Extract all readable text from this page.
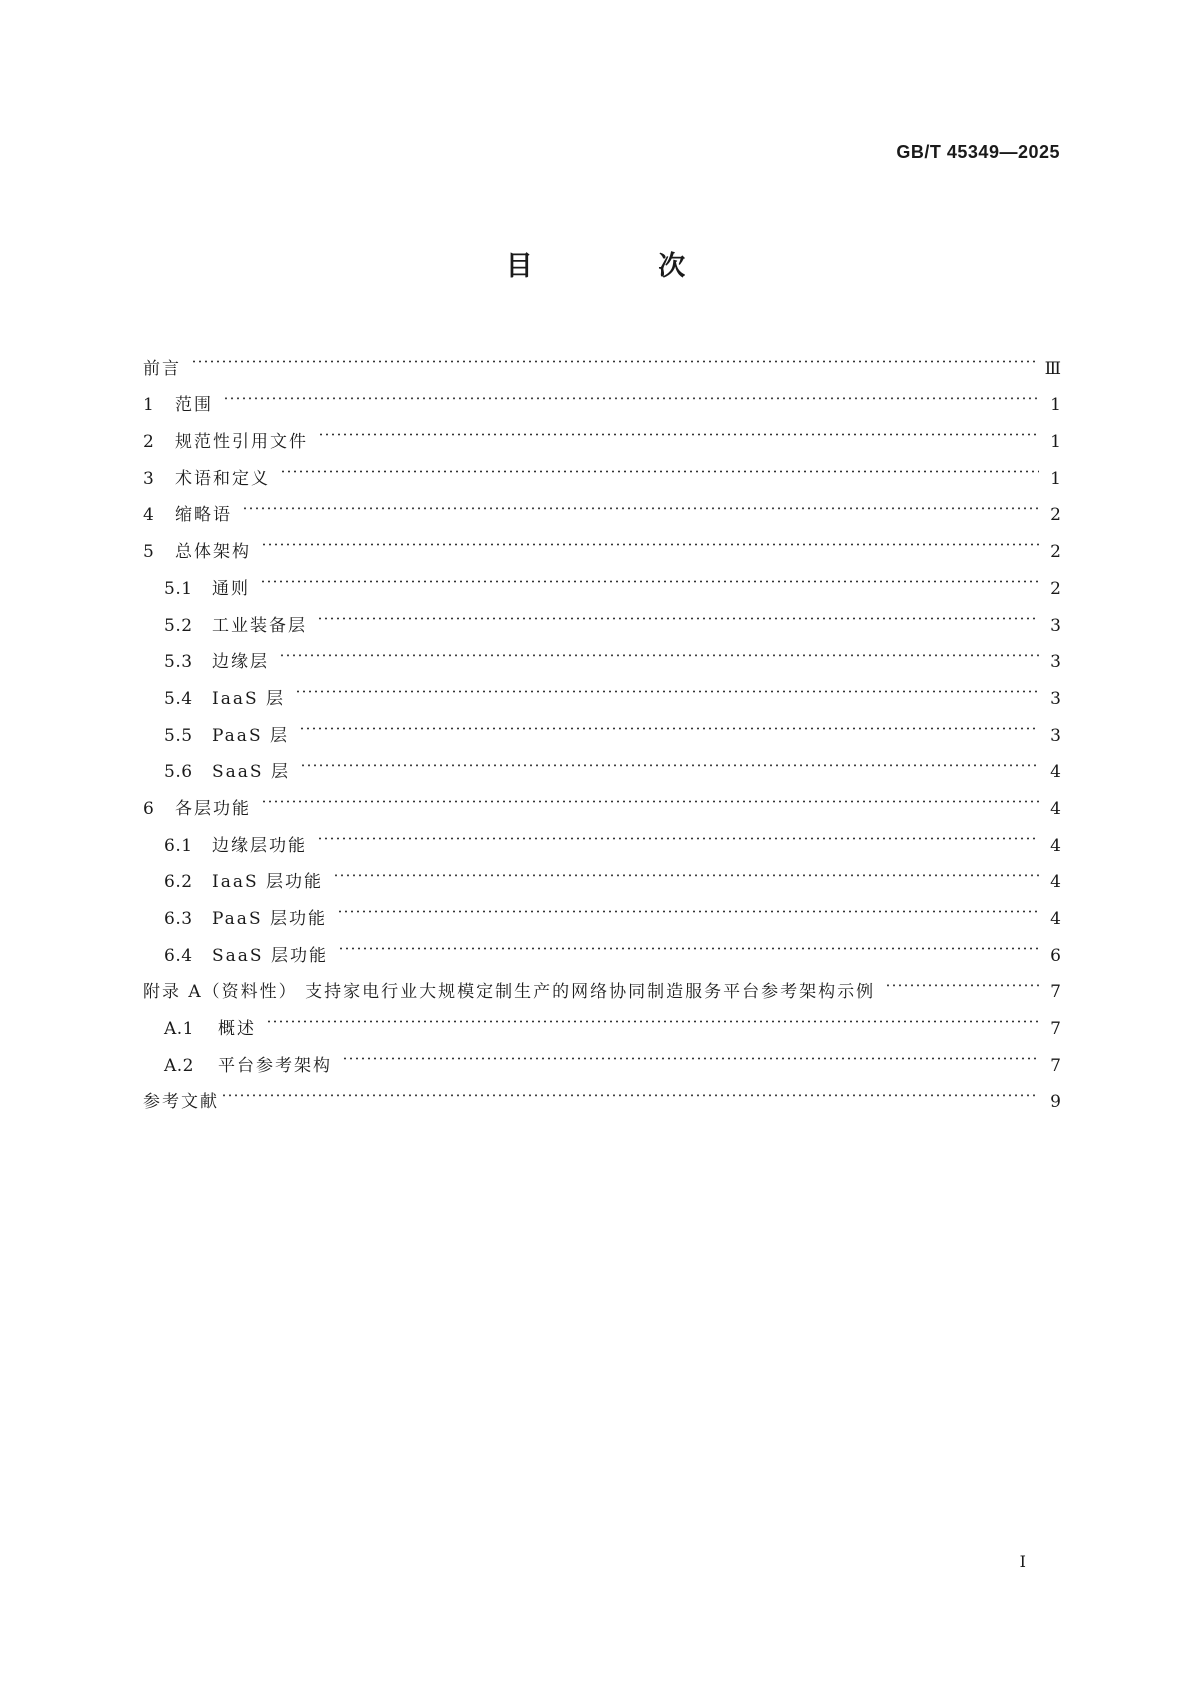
GB/T 45349—2025
目 次
前言	Ⅲ
1	范围	1
2	规范性引用文件	1
3	术语和定义	1
4	缩略语	2
5	总体架构	2
5.1	通则	2
5.2	工业装备层	3
5.3	边缘层	3
5.4	IaaS 层	3
5.5	PaaS 层	3
5.6	SaaS 层	4
6	各层功能	4
6.1	边缘层功能	4
6.2	IaaS 层功能	4
6.3	PaaS 层功能	4
6.4	SaaS 层功能	6
附录 A（资料性） 支持家电行业大规模定制生产的网络协同制造服务平台参考架构示例	7
A.1	概述	7
A.2	平台参考架构	7
参考文献	9
Ⅰ
